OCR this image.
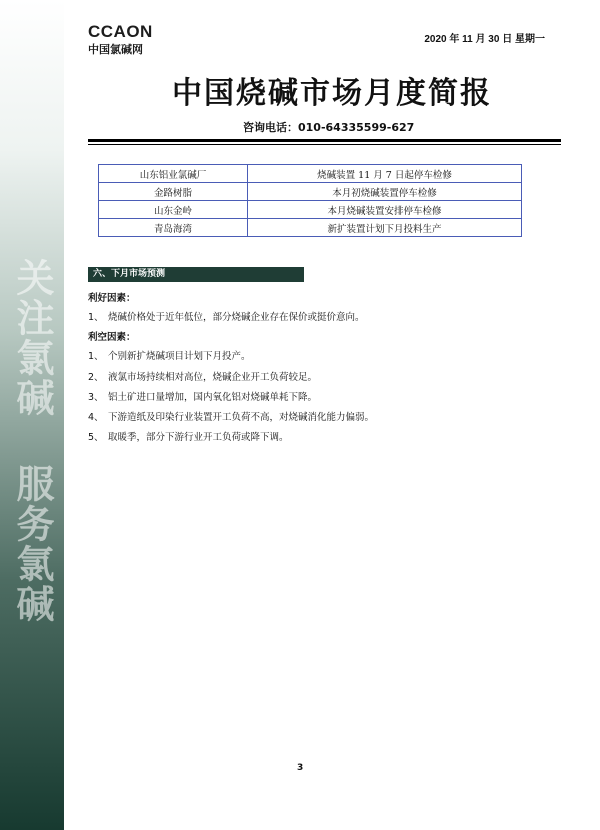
关注氯碱 服务氯碱
CCAON
中国氯碱网
2020 年 11 月 30 日 星期一
中国烧碱市场月度简报
咨询电话：010-64335599-627
山东铝业氯碱厂	烧碱装置 11 月 7 日起停车检修
金路树脂	本月初烧碱装置停车检修
山东金岭	本月烧碱装置安排停车检修
青岛海湾	新扩装置计划下月投料生产
六、下月市场预测
利好因素：
1、 烧碱价格处于近年低位，部分烧碱企业存在保价或挺价意向。
利空因素：
1、 个别新扩烧碱项目计划下月投产。
2、 液氯市场持续相对高位，烧碱企业开工负荷较足。
3、 铝土矿进口量增加，国内氧化铝对烧碱单耗下降。
4、 下游造纸及印染行业装置开工负荷不高，对烧碱消化能力偏弱。
5、 取暖季，部分下游行业开工负荷或降下调。
3
